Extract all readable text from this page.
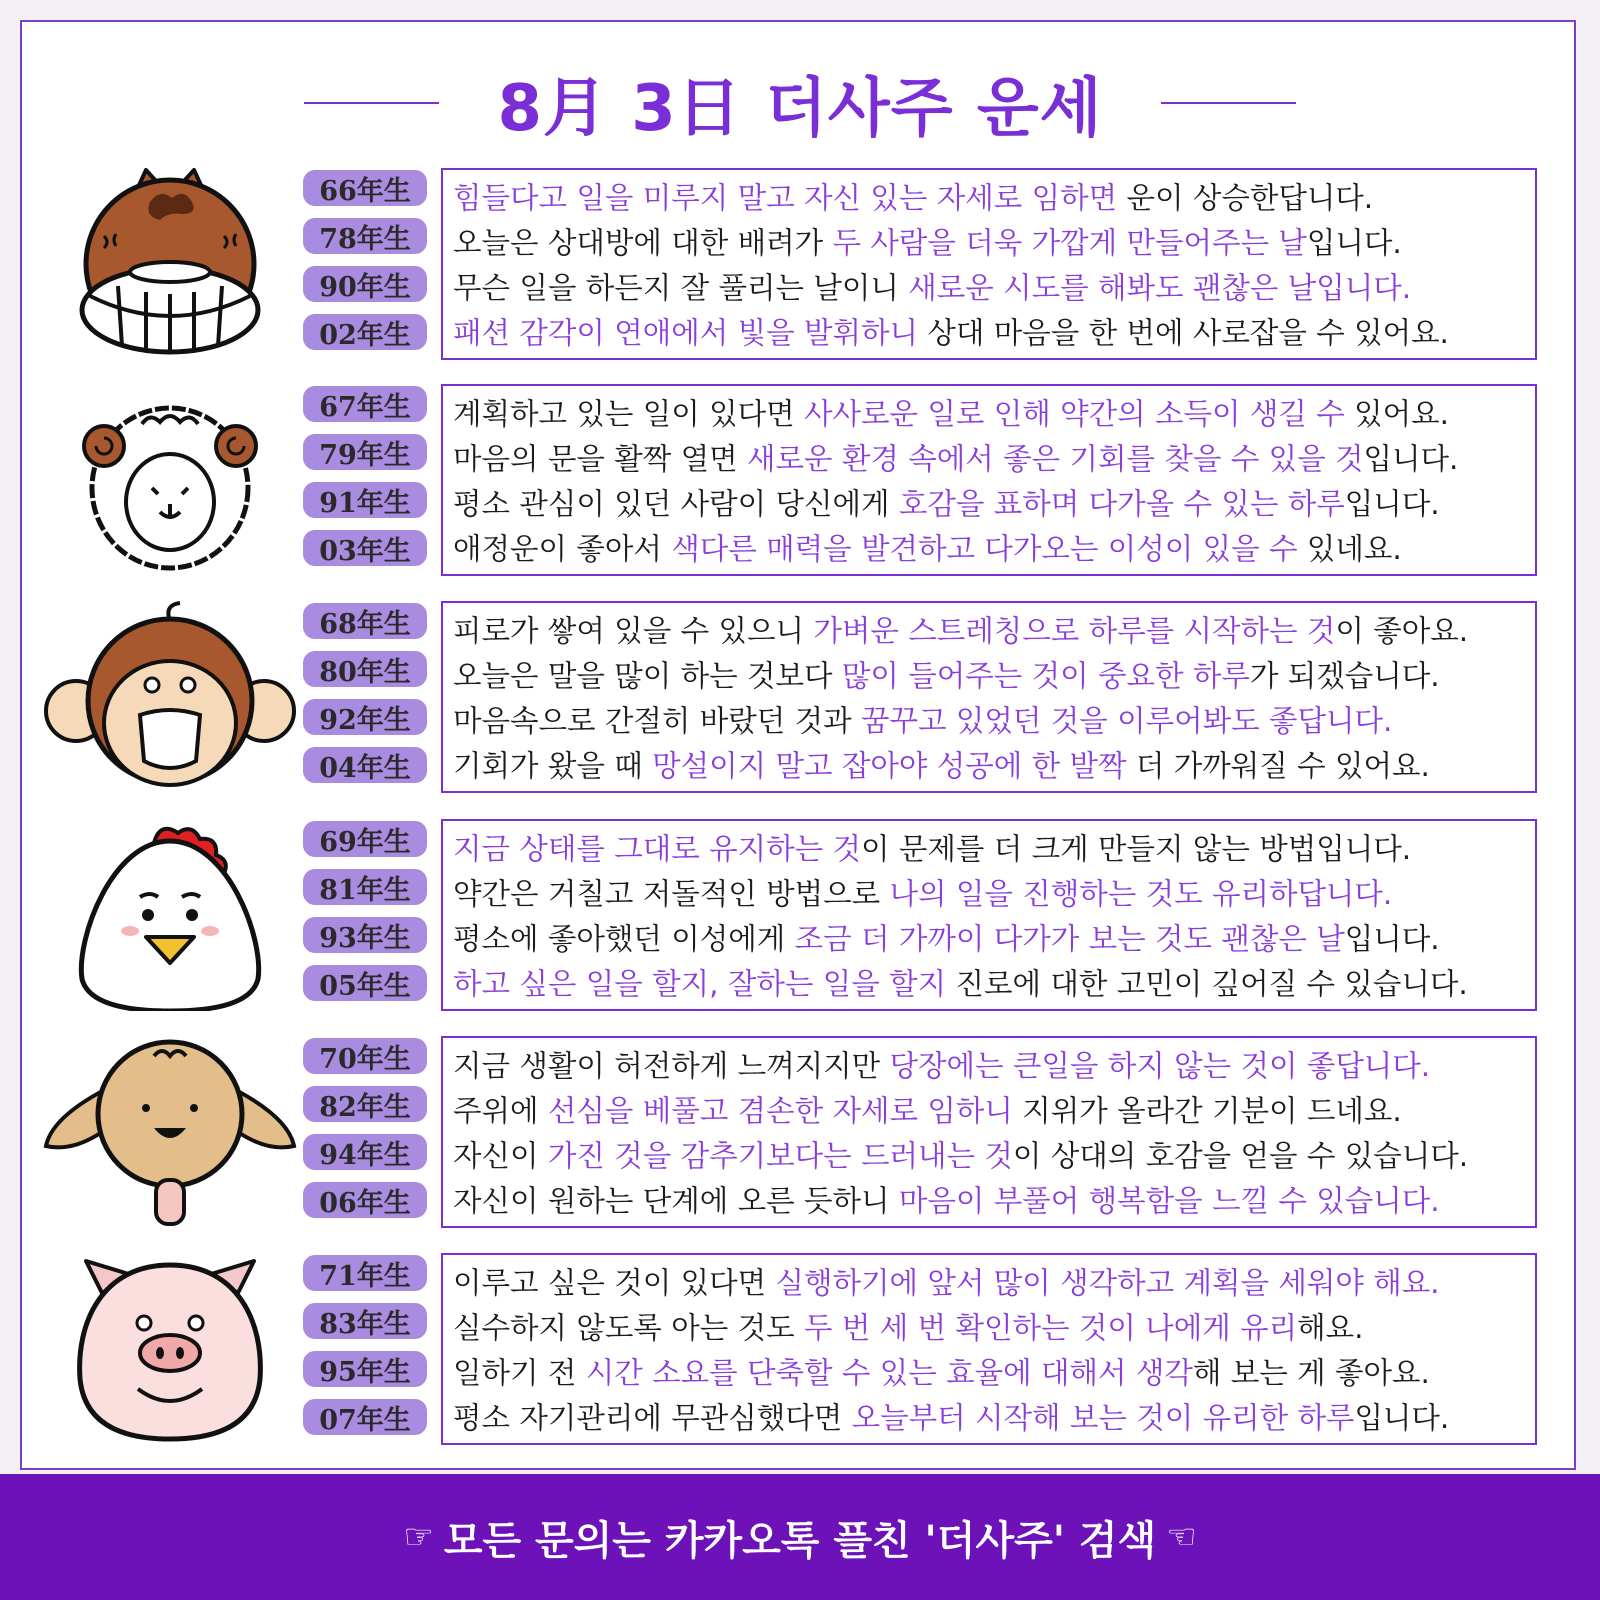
8月 3日 더사주 운세
66年生
78年生
90年生
02年生
힘들다고 일을 미루지 말고 자신 있는 자세로 임하면 운이 상승한답니다.
오늘은 상대방에 대한 배려가 두 사람을 더욱 가깝게 만들어주는 날입니다.
무슨 일을 하든지 잘 풀리는 날이니 새로운 시도를 해봐도 괜찮은 날입니다.
패션 감각이 연애에서 빛을 발휘하니 상대 마음을 한 번에 사로잡을 수 있어요.
67年生
79年生
91年生
03年生
계획하고 있는 일이 있다면 사사로운 일로 인해 약간의 소득이 생길 수 있어요.
마음의 문을 활짝 열면 새로운 환경 속에서 좋은 기회를 찾을 수 있을 것입니다.
평소 관심이 있던 사람이 당신에게 호감을 표하며 다가올 수 있는 하루입니다.
애정운이 좋아서 색다른 매력을 발견하고 다가오는 이성이 있을 수 있네요.
68年生
80年生
92年生
04年生
피로가 쌓여 있을 수 있으니 가벼운 스트레칭으로 하루를 시작하는 것이 좋아요.
오늘은 말을 많이 하는 것보다 많이 들어주는 것이 중요한 하루가 되겠습니다.
마음속으로 간절히 바랐던 것과 꿈꾸고 있었던 것을 이루어봐도 좋답니다.
기회가 왔을 때 망설이지 말고 잡아야 성공에 한 발짝 더 가까워질 수 있어요.
69年生
81年生
93年生
05年生
지금 상태를 그대로 유지하는 것이 문제를 더 크게 만들지 않는 방법입니다.
약간은 거칠고 저돌적인 방법으로 나의 일을 진행하는 것도 유리하답니다.
평소에 좋아했던 이성에게 조금 더 가까이 다가가 보는 것도 괜찮은 날입니다.
하고 싶은 일을 할지, 잘하는 일을 할지 진로에 대한 고민이 깊어질 수 있습니다.
70年生
82年生
94年生
06年生
지금 생활이 허전하게 느껴지지만 당장에는 큰일을 하지 않는 것이 좋답니다.
주위에 선심을 베풀고 겸손한 자세로 임하니 지위가 올라간 기분이 드네요.
자신이 가진 것을 감추기보다는 드러내는 것이 상대의 호감을 얻을 수 있습니다.
자신이 원하는 단계에 오른 듯하니 마음이 부풀어 행복함을 느낄 수 있습니다.
71年生
83年生
95年生
07年生
이루고 싶은 것이 있다면 실행하기에 앞서 많이 생각하고 계획을 세워야 해요.
실수하지 않도록 아는 것도 두 번 세 번 확인하는 것이 나에게 유리해요.
일하기 전 시간 소요를 단축할 수 있는 효율에 대해서 생각해 보는 게 좋아요.
평소 자기관리에 무관심했다면 오늘부터 시작해 보는 것이 유리한 하루입니다.
☞ 모든 문의는 카카오톡 플친 '더사주' 검색 ☜
